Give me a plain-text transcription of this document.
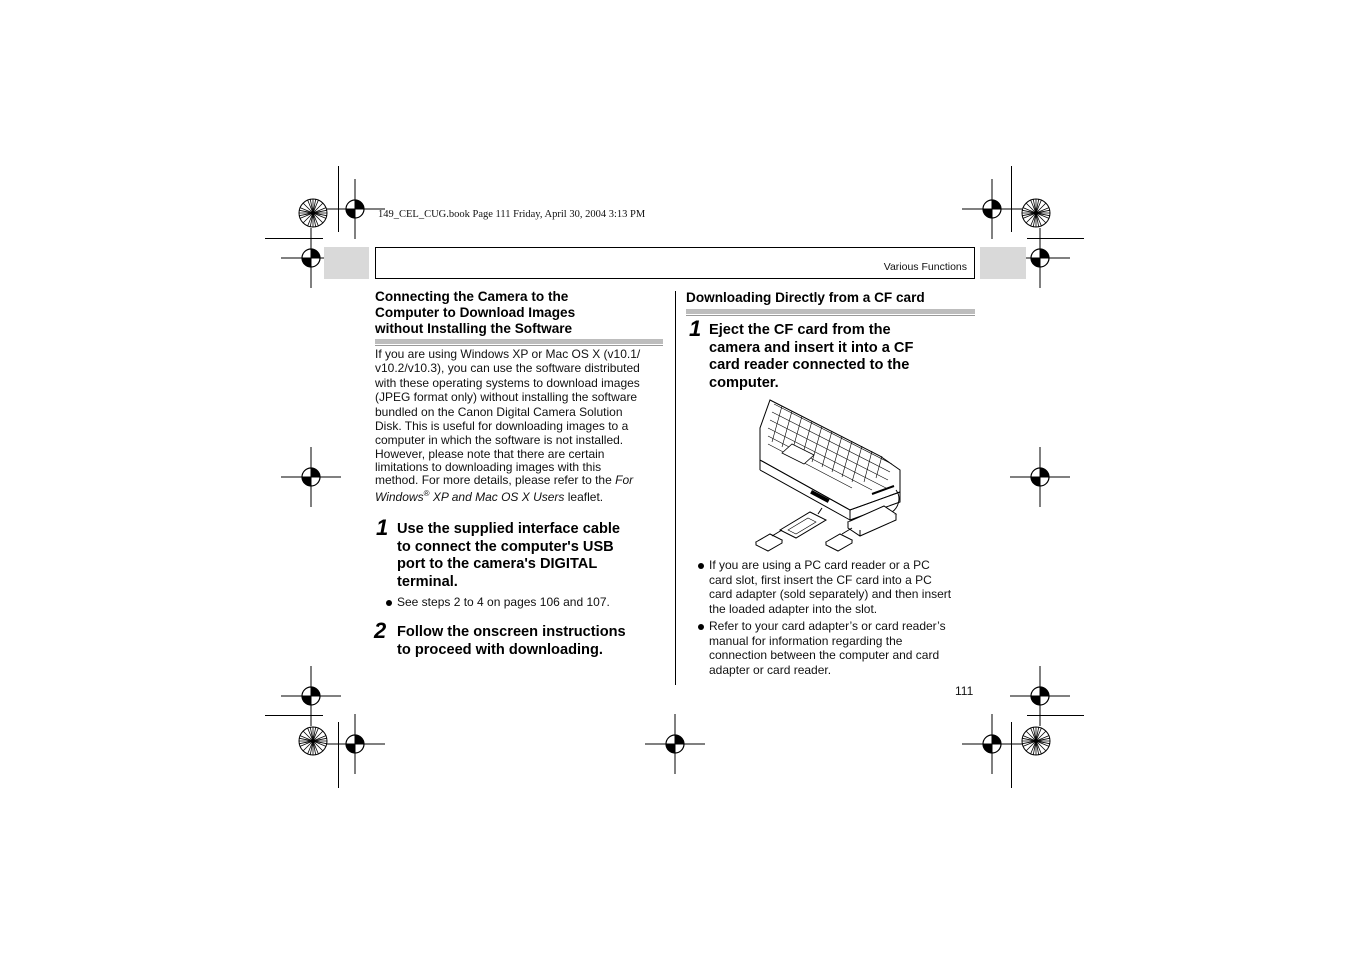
149_CEL_CUG.book Page 111 Friday, April 30, 2004 3:13 PM
Various Functions
Connecting the Camera to the
Computer to Download Images
without Installing the Software
If you are using Windows XP or Mac OS X (v10.1/
v10.2/v10.3), you can use the software distributed
with these operating systems to download images
(JPEG format only) without installing the software
bundled on the Canon Digital Camera Solution
Disk. This is useful for downloading images to a
computer in which the software is not installed.
However, please note that there are certain
limitations to downloading images with this
method. For more details, please refer to the For
Windows® XP and Mac OS X Users leaflet.
1 Use the supplied interface cable
to connect the computer's USB
port to the camera's DIGITAL
terminal.
See steps 2 to 4 on pages 106 and 107.
2 Follow the onscreen instructions
to proceed with downloading.
Downloading Directly from a CF card
1 Eject the CF card from the
camera and insert it into a CF
card reader connected to the
computer.
If you are using a PC card reader or a PC
card slot, first insert the CF card into a PC
card adapter (sold separately) and then insert
the loaded adapter into the slot.
Refer to your card adapter’s or card reader’s
manual for information regarding the
connection between the computer and card
adapter or card reader.
111
